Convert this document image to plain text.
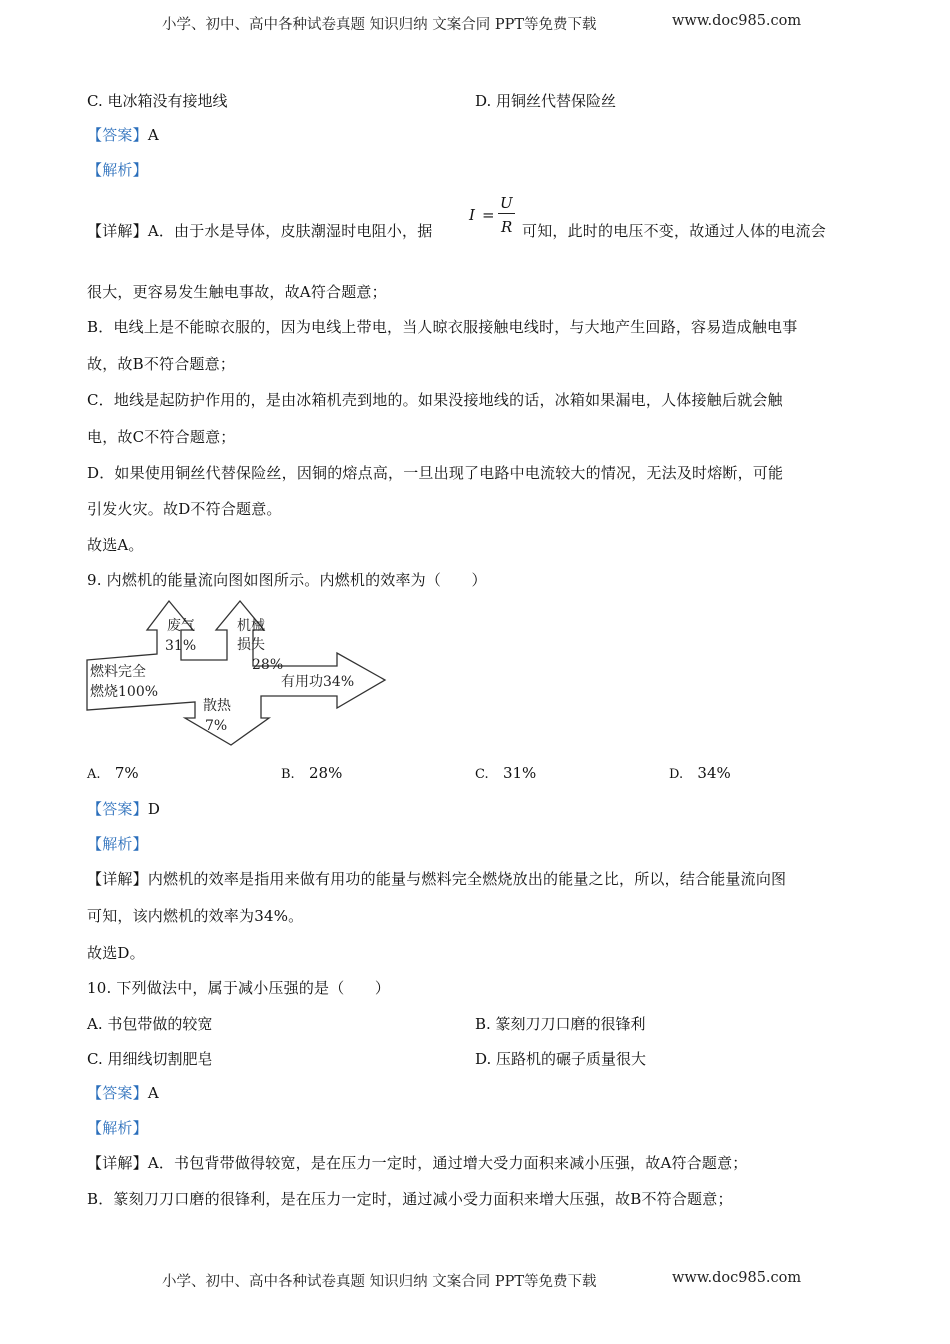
小学、初中、高中各种试卷真题 知识归纳 文案合同 PPT等免费下载	www.doc985.com
C. 电冰箱没有接地线	D. 用铜丝代替保险丝
【答案】A
【解析】
【详解】A．由于水是导体，皮肤潮湿时电阻小，据
I =
U
R 可知，此时的电压不变，故通过人体的电流会
很大，更容易发生触电事故，故A符合题意；
B．电线上是不能晾衣服的，因为电线上带电，当人晾衣服接触电线时，与大地产生回路，容易造成触电事
故，故B不符合题意；
C．地线是起防护作用的，是由冰箱机壳到地的。如果没接地线的话，冰箱如果漏电，人体接触后就会触
电，故C不符合题意；
D．如果使用铜丝代替保险丝，因铜的熔点高，一旦出现了电路中电流较大的情况，无法及时熔断，可能
引发火灾。故D不符合题意。
故选A。
9. 内燃机的能量流向图如图所示。内燃机的效率为（　　）
燃料完全
燃烧100%
废气
31%
机械
损失
28%
有用功34%
散热
7%
A. 7%	B. 28%	C. 31%	D. 34%
【答案】D
【解析】
【详解】内燃机的效率是指用来做有用功的能量与燃料完全燃烧放出的能量之比，所以，结合能量流向图
可知，该内燃机的效率为34%。
故选D。
10. 下列做法中，属于减小压强的是（　　）
A. 书包带做的较宽	B. 篆刻刀刀口磨的很锋利
C. 用细线切割肥皂	D. 压路机的碾子质量很大
【答案】A
【解析】
【详解】A．书包背带做得较宽，是在压力一定时，通过增大受力面积来减小压强，故A符合题意；
B．篆刻刀刀口磨的很锋利，是在压力一定时，通过减小受力面积来增大压强，故B不符合题意；
小学、初中、高中各种试卷真题 知识归纳 文案合同 PPT等免费下载	www.doc985.com
